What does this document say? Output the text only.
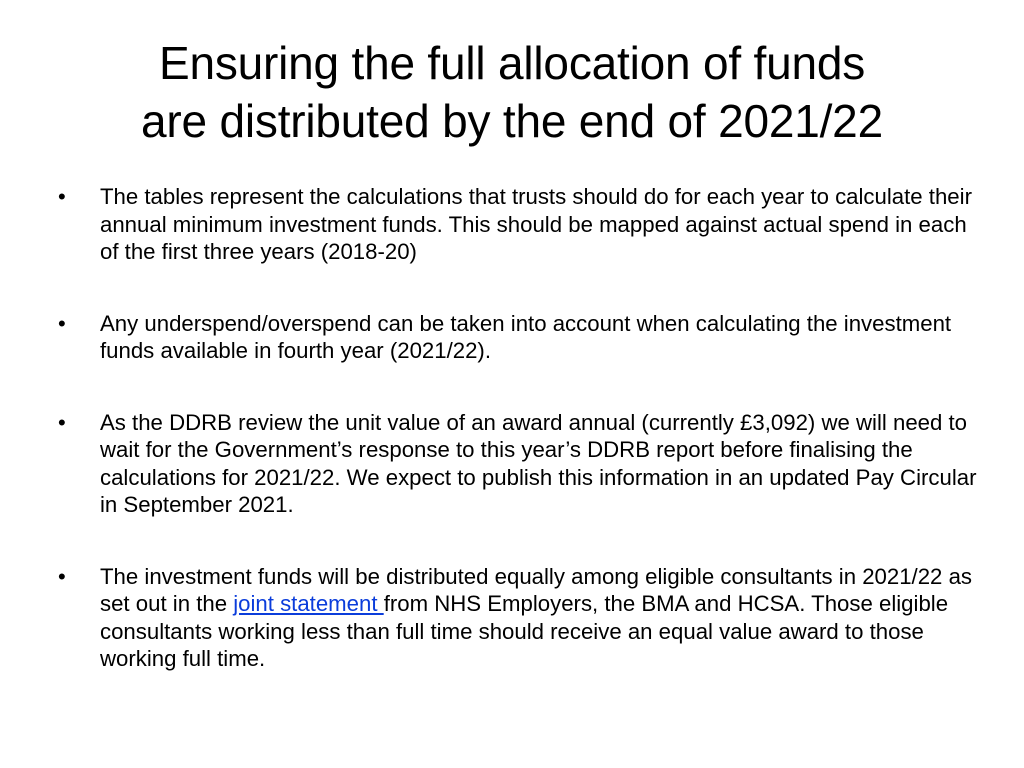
Ensuring the full allocation of funds
are distributed by the end of 2021/22
•	The tables represent the calculations that trusts should do for each year to calculate their annual minimum investment funds. This should be mapped against actual spend in each of the first three years (2018-20)
•	Any underspend/overspend can be taken into account when calculating the investment funds available in fourth year (2021/22).
•	As the DDRB review the unit value of an award annual (currently £3,092) we will need to wait for the Government’s response to this year’s DDRB report before finalising the calculations for 2021/22. We expect to publish this information in an updated Pay Circular in September 2021.
•	The investment funds will be distributed equally among eligible consultants in 2021/22 as set out in the joint statement from NHS Employers, the BMA and HCSA. Those eligible consultants working less than full time should receive an equal value award to those working full time.
